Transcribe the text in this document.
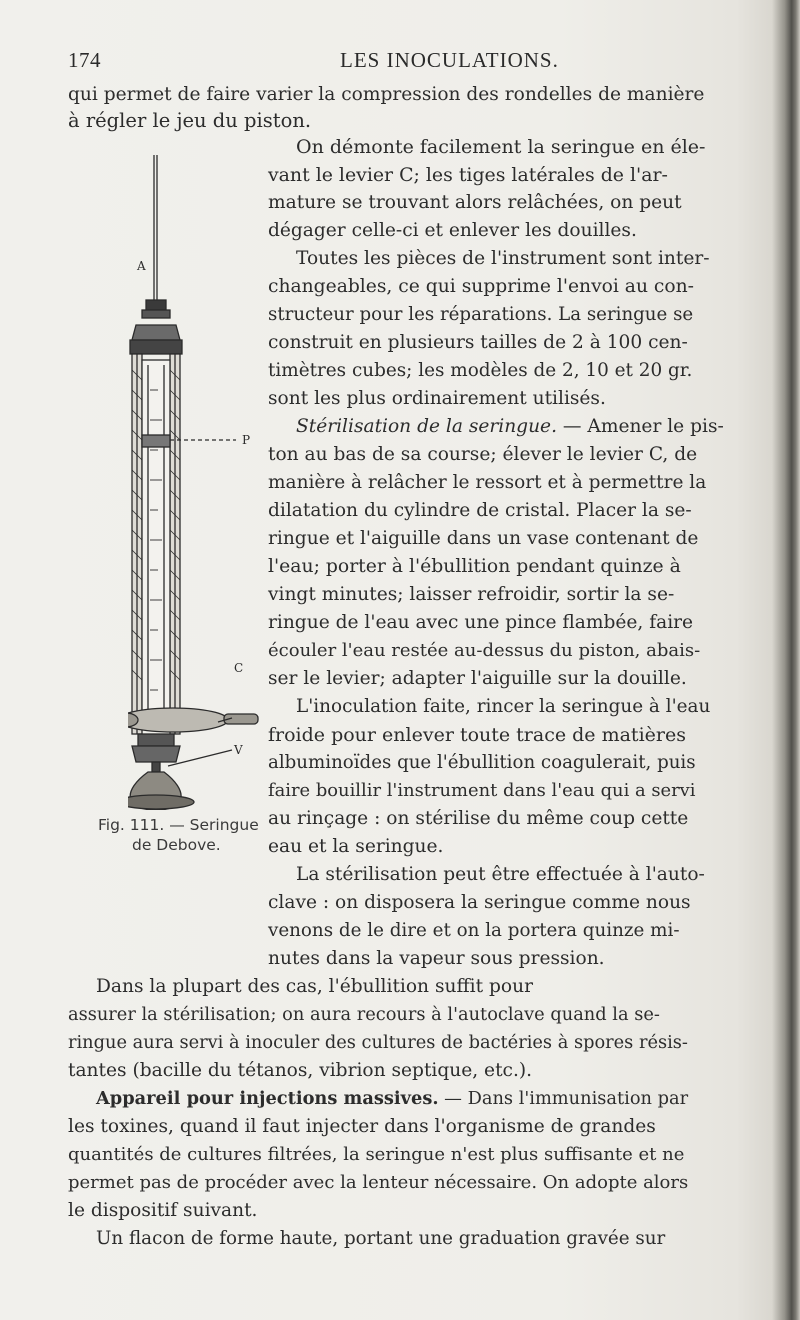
174	LES INOCULATIONS.
A
P
C
V
Fig. 111. — Seringue
de Debove.
qui permet de faire varier la compression des rondelles de manière
à régler le jeu du piston.
On démonte facilement la seringue en éle-
vant le levier C; les tiges latérales de l'ar-
mature se trouvant alors relâchées, on peut
dégager celle-ci et enlever les douilles.
Toutes les pièces de l'instrument sont inter-
changeables, ce qui supprime l'envoi au con-
structeur pour les réparations. La seringue se
construit en plusieurs tailles de 2 à 100 cen-
timètres cubes; les modèles de 2, 10 et 20 gr.
sont les plus ordinairement utilisés.
Stérilisation de la seringue. — Amener le pis-
ton au bas de sa course; élever le levier C, de
manière à relâcher le ressort et à permettre la
dilatation du cylindre de cristal. Placer la se-
ringue et l'aiguille dans un vase contenant de
l'eau; porter à l'ébullition pendant quinze à
vingt minutes; laisser refroidir, sortir la se-
ringue de l'eau avec une pince flambée, faire
écouler l'eau restée au-dessus du piston, abais-
ser le levier; adapter l'aiguille sur la douille.
L'inoculation faite, rincer la seringue à l'eau
froide pour enlever toute trace de matières
albuminoïdes que l'ébullition coagulerait, puis
faire bouillir l'instrument dans l'eau qui a servi
au rinçage : on stérilise du même coup cette
eau et la seringue.
La stérilisation peut être effectuée à l'auto-
clave : on disposera la seringue comme nous
venons de le dire et on la portera quinze mi-
nutes dans la vapeur sous pression.
Dans la plupart des cas, l'ébullition suffit pour
assurer la stérilisation; on aura recours à l'autoclave quand la se-
ringue aura servi à inoculer des cultures de bactéries à spores résis-
tantes (bacille du tétanos, vibrion septique, etc.).
Appareil pour injections massives. — Dans l'immunisation par
les toxines, quand il faut injecter dans l'organisme de grandes
quantités de cultures filtrées, la seringue n'est plus suffisante et ne
permet pas de procéder avec la lenteur nécessaire. On adopte alors
le dispositif suivant.
Un flacon de forme haute, portant une graduation gravée sur
